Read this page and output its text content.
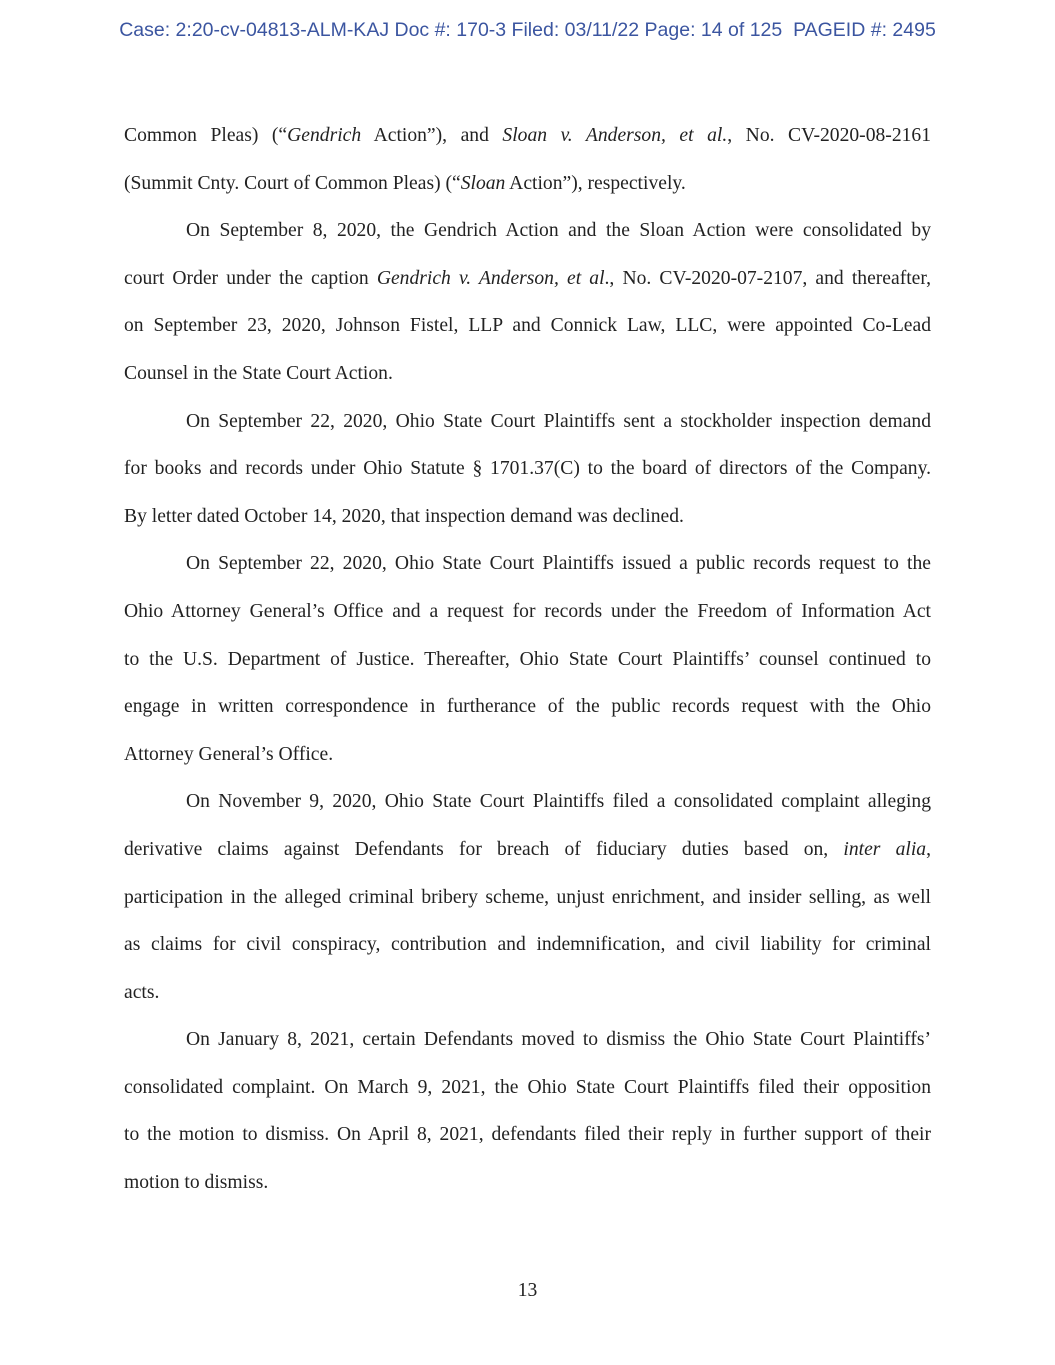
Case: 2:20-cv-04813-ALM-KAJ Doc #: 170-3 Filed: 03/11/22 Page: 14 of 125  PAGEID #: 2495
Common Pleas) (“Gendrich Action”), and Sloan v. Anderson, et al., No. CV-2020-08-2161
(Summit Cnty. Court of Common Pleas) (“Sloan Action”), respectively.
On September 8, 2020, the Gendrich Action and the Sloan Action were consolidated by
court Order under the caption Gendrich v. Anderson, et al., No. CV-2020-07-2107, and thereafter,
on September 23, 2020, Johnson Fistel, LLP and Connick Law, LLC, were appointed Co-Lead
Counsel in the State Court Action.
On September 22, 2020, Ohio State Court Plaintiffs sent a stockholder inspection demand
for books and records under Ohio Statute § 1701.37(C) to the board of directors of the Company.
By letter dated October 14, 2020, that inspection demand was declined.
On September 22, 2020, Ohio State Court Plaintiffs issued a public records request to the
Ohio Attorney General’s Office and a request for records under the Freedom of Information Act
to the U.S. Department of Justice. Thereafter, Ohio State Court Plaintiffs’ counsel continued to
engage in written correspondence in furtherance of the public records request with the Ohio
Attorney General’s Office.
On November 9, 2020, Ohio State Court Plaintiffs filed a consolidated complaint alleging
derivative claims against Defendants for breach of fiduciary duties based on, inter alia,
participation in the alleged criminal bribery scheme, unjust enrichment, and insider selling, as well
as claims for civil conspiracy, contribution and indemnification, and civil liability for criminal
acts.
On January 8, 2021, certain Defendants moved to dismiss the Ohio State Court Plaintiffs’
consolidated complaint. On March 9, 2021, the Ohio State Court Plaintiffs filed their opposition
to the motion to dismiss. On April 8, 2021, defendants filed their reply in further support of their
motion to dismiss.
13
